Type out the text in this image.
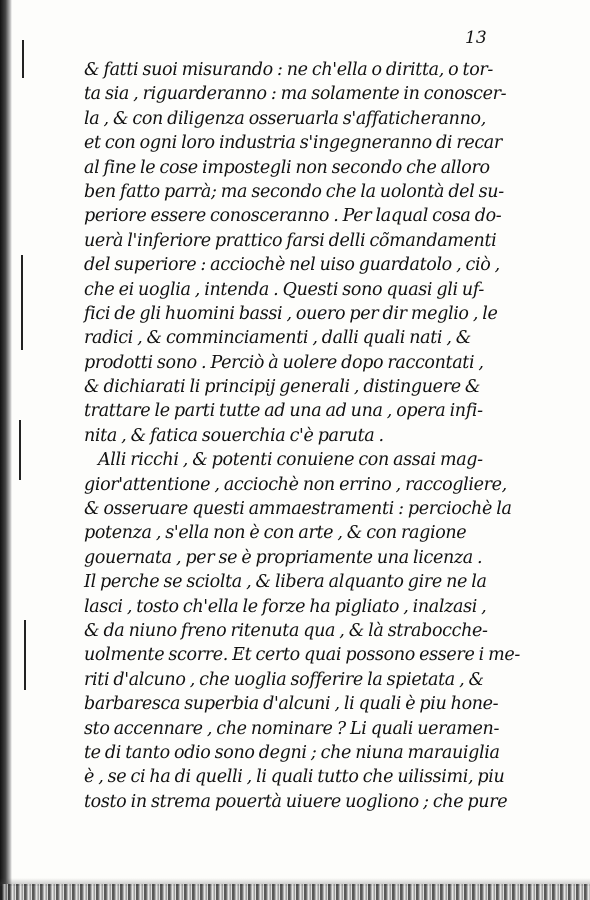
13
& fatti suoi misurando : ne ch'ella o diritta, o tor-
ta sia , riguarderanno : ma solamente in conoscer-
la , & con diligenza osseruarla s'affaticheranno,
et con ogni loro industria s'ingegneranno di recar
al fine le cose impostegli non secondo che alloro
ben fatto parrà; ma secondo che la uolontà del su-
periore essere conosceranno . Per laqual cosa do-
uerà l'inferiore prattico farsi delli cõmandamenti
del superiore : acciochè nel uiso guardatolo , ciò ,
che ei uoglia , intenda . Questi sono quasi gli uf-
fici de gli huomini bassi , ouero per dir meglio , le
radici , & comminciamenti , dalli quali nati , &
prodotti sono . Perciò à uolere dopo raccontati ,
& dichiarati li principij generali , distinguere &
trattare le parti tutte ad una ad una , opera infi-
nita , & fatica souerchia c'è paruta .
Alli ricchi , & potenti conuiene con assai mag-
gior'attentione , acciochè non errino , raccogliere,
& osseruare questi ammaestramenti : perciochè la
potenza , s'ella non è con arte , & con ragione
gouernata , per se è propriamente una licenza .
Il perche se sciolta , & libera alquanto gire ne la
lasci , tosto ch'ella le forze ha pigliato , inalzasi ,
& da niuno freno ritenuta qua , & là strabocche-
uolmente scorre. Et certo quai possono essere i me-
riti d'alcuno , che uoglia sofferire la spietata , &
barbaresca superbia d'alcuni , li quali è piu hone-
sto accennare , che nominare ? Li quali ueramen-
te di tanto odio sono degni ; che niuna marauiglia
è , se ci ha di quelli , li quali tutto che uilissimi, piu
tosto in strema pouertà uiuere uogliono ; che pure
